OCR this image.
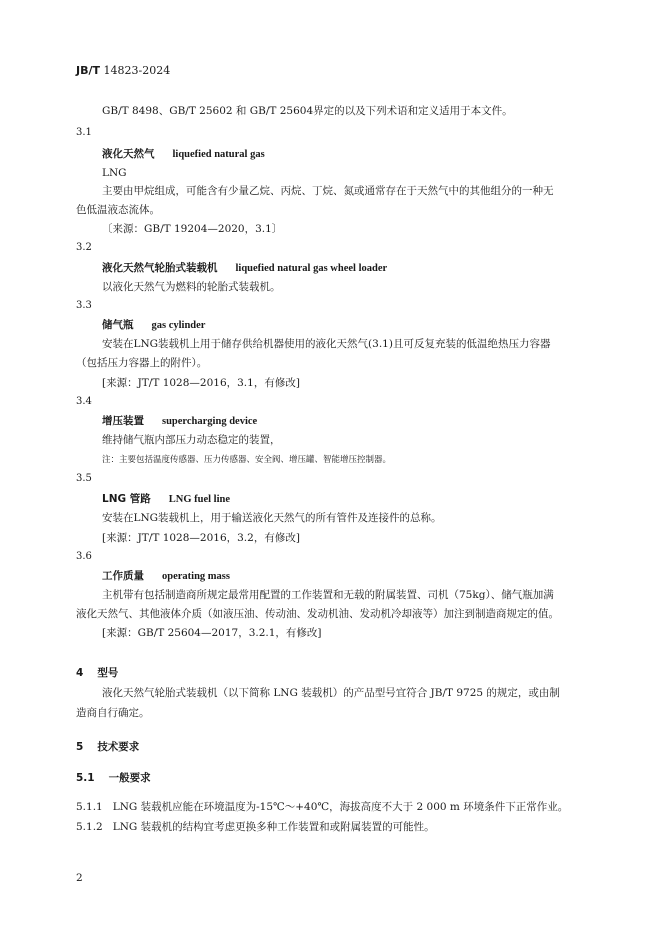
JB/T 14823-2024
GB/T 8498、GB/T 25602 和 GB/T 25604界定的以及下列术语和定义适用于本文件。
3.1
液化天然气 liquefied natural gas
LNG
主要由甲烷组成，可能含有少量乙烷、丙烷、丁烷、氮或通常存在于天然气中的其他组分的一种无
色低温液态流体。
〔来源：GB/T 19204—2020，3.1〕
3.2
液化天然气轮胎式装载机 liquefied natural gas wheel loader
以液化天然气为燃料的轮胎式装载机。
3.3
储气瓶 gas cylinder
安装在LNG装载机上用于储存供给机器使用的液化天然气(3.1)且可反复充装的低温绝热压力容器
（包括压力容器上的附件）。
[来源：JT/T 1028—2016，3.1，有修改]
3.4
增压装置 supercharging device
维持储气瓶内部压力动态稳定的装置，
注：主要包括温度传感器、压力传感器、安全阀、增压罐、智能增压控制器。
3.5
LNG 管路 LNG fuel line
安装在LNG装载机上，用于输送液化天然气的所有管件及连接件的总称。
[来源：JT/T 1028—2016，3.2，有修改]
3.6
工作质量 operating mass
主机带有包括制造商所规定最常用配置的工作装置和无载的附属装置、司机（75kg）、储气瓶加满
液化天然气、其他液体介质（如液压油、传动油、发动机油、发动机冷却液等）加注到制造商规定的值。
[来源：GB/T 25604—2017，3.2.1，有修改]
4 型号
液化天然气轮胎式装载机（以下简称 LNG 装载机）的产品型号宜符合 JB/T 9725 的规定，或由制
造商自行确定。
5 技术要求
5.1 一般要求
5.1.1 LNG 装载机应能在环境温度为-15℃～+40℃，海拔高度不大于 2 000 m 环境条件下正常作业。
5.1.2 LNG 装载机的结构宜考虑更换多种工作装置和或附属装置的可能性。
2
